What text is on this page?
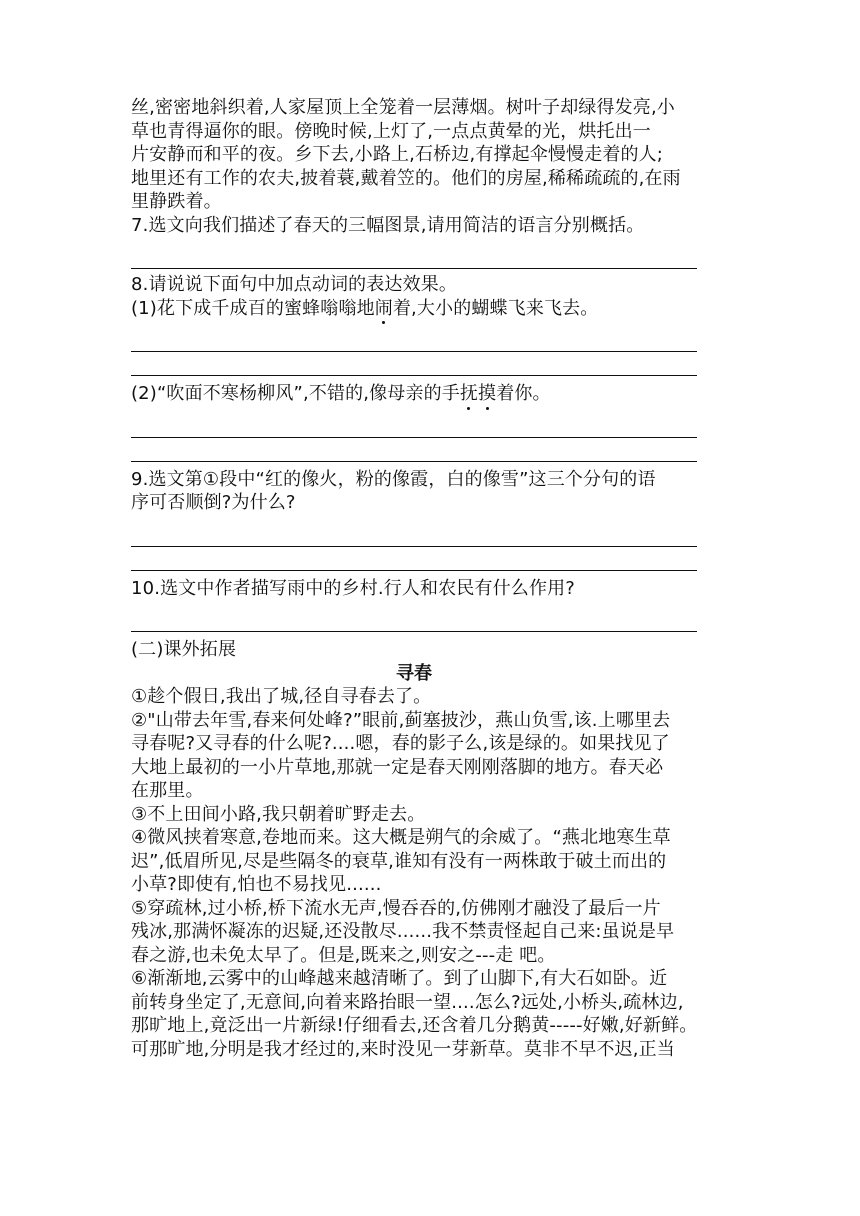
丝,密密地斜织着,人家屋顶上全笼着一层薄烟。树叶子却绿得发亮,小
草也青得逼你的眼。傍晚时候,上灯了,一点点黄晕的光，烘托出一
片安静而和平的夜。乡下去,小路上,石桥边,有撑起伞慢慢走着的人;
地里还有工作的农夫,披着蓑,戴着笠的。他们的房屋,稀稀疏疏的,在雨
里静跌着。
7.选文向我们描述了春天的三幅图景,请用简洁的语言分别概括。
8.请说说下面句中加点动词的表达效果。
(1)花下成千成百的蜜蜂嗡嗡地闹着,大小的蝴蝶飞来飞去。
(2)“吹面不寒杨柳风”,不错的,像母亲的手抚摸着你。
9.选文第①段中“红的像火，粉的像霞，白的像雪”这三个分句的语
序可否顺倒?为什么?
10.选文中作者描写雨中的乡村.行人和农民有什么作用?
(二)课外拓展
寻春
①趁个假日,我出了城,径自寻春去了。
②"山带去年雪,春来何处峰?”眼前,蓟塞披沙，燕山负雪,该.上哪里去
寻春呢?又寻春的什么呢?....嗯，春的影子么,该是绿的。如果找见了
大地上最初的一小片草地,那就一定是春天刚刚落脚的地方。春天必
在那里。
③不上田间小路,我只朝着旷野走去。
④微风挟着寒意,卷地而来。这大概是朔气的余威了。“燕北地寒生草
迟”,低眉所见,尽是些隔冬的衰草,谁知有没有一两株敢于破土而出的
小草?即使有,怕也不易找见......
⑤穿疏林,过小桥,桥下流水无声,慢吞吞的,仿佛刚才融没了最后一片
残冰,那满怀凝冻的迟疑,还没散尽......我不禁责怪起自己来:虽说是早
春之游,也未免太早了。但是,既来之,则安之---走 吧。
⑥渐渐地,云雾中的山峰越来越清晰了。到了山脚下,有大石如卧。近
前转身坐定了,无意间,向着来路抬眼一望....怎么?远处,小桥头,疏林边,
那旷地上,竟泛出一片新绿!仔细看去,还含着几分鹅黄-----好嫩,好新鲜。
可那旷地,分明是我才经过的,来时没见一芽新草。莫非不早不迟,正当
